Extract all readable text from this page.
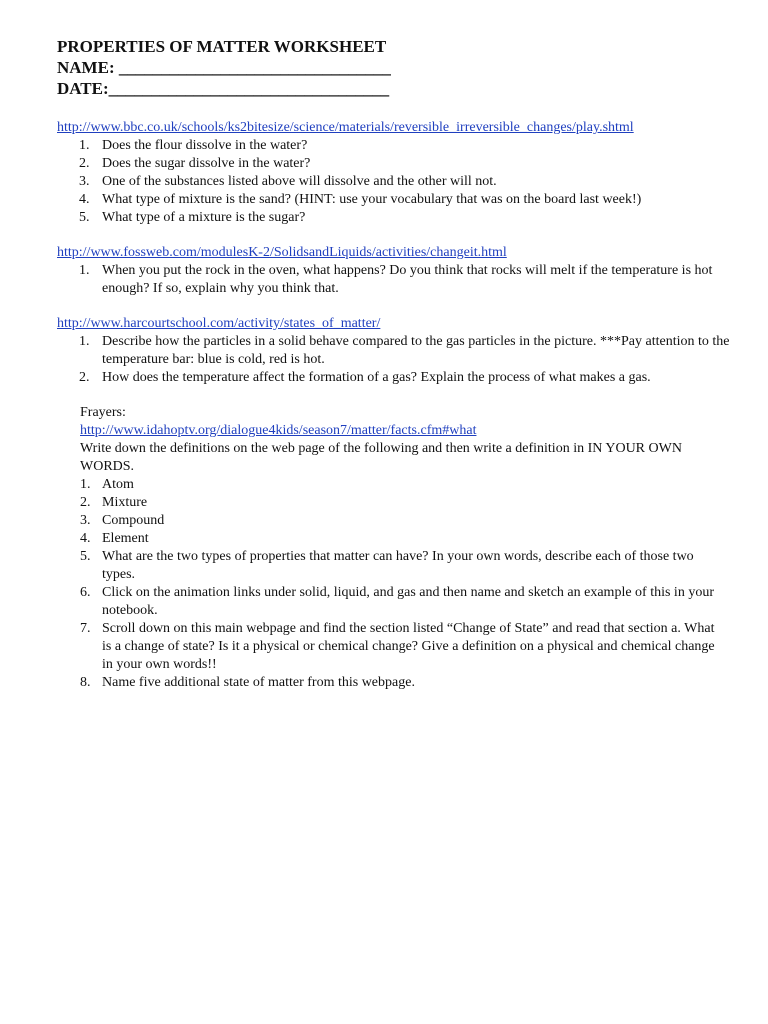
PROPERTIES OF MATTER WORKSHEET
NAME: ________________________________
DATE:_________________________________
http://www.bbc.co.uk/schools/ks2bitesize/science/materials/reversible_irreversible_changes/play.shtml
1. Does the flour dissolve in the water?
2. Does the sugar dissolve in the water?
3. One of the substances listed above will dissolve and the other will not.
4. What type of mixture is the sand? (HINT: use your vocabulary that was on the board last week!)
5. What type of a mixture is the sugar?
http://www.fossweb.com/modulesK-2/SolidsandLiquids/activities/changeit.html
1. When you put the rock in the oven, what happens? Do you think that rocks will melt if the temperature is hot enough? If so, explain why you think that.
http://www.harcourtschool.com/activity/states_of_matter/
1. Describe how the particles in a solid behave compared to the gas particles in the picture. ***Pay attention to the temperature bar: blue is cold, red is hot.
2. How does the temperature affect the formation of a gas? Explain the process of what makes a gas.
Frayers:
http://www.idahoptv.org/dialogue4kids/season7/matter/facts.cfm#what
Write down the definitions on the web page of the following and then write a definition in IN YOUR OWN WORDS.
1. Atom
2. Mixture
3. Compound
4. Element
5. What are the two types of properties that matter can have? In your own words, describe each of those two types.
6. Click on the animation links under solid, liquid, and gas and then name and sketch an example of this in your notebook.
7. Scroll down on this main webpage and find the section listed “Change of State” and read that section a. What is a change of state? Is it a physical or chemical change? Give a definition on a physical and chemical change in your own words!!
8. Name five additional state of matter from this webpage.
